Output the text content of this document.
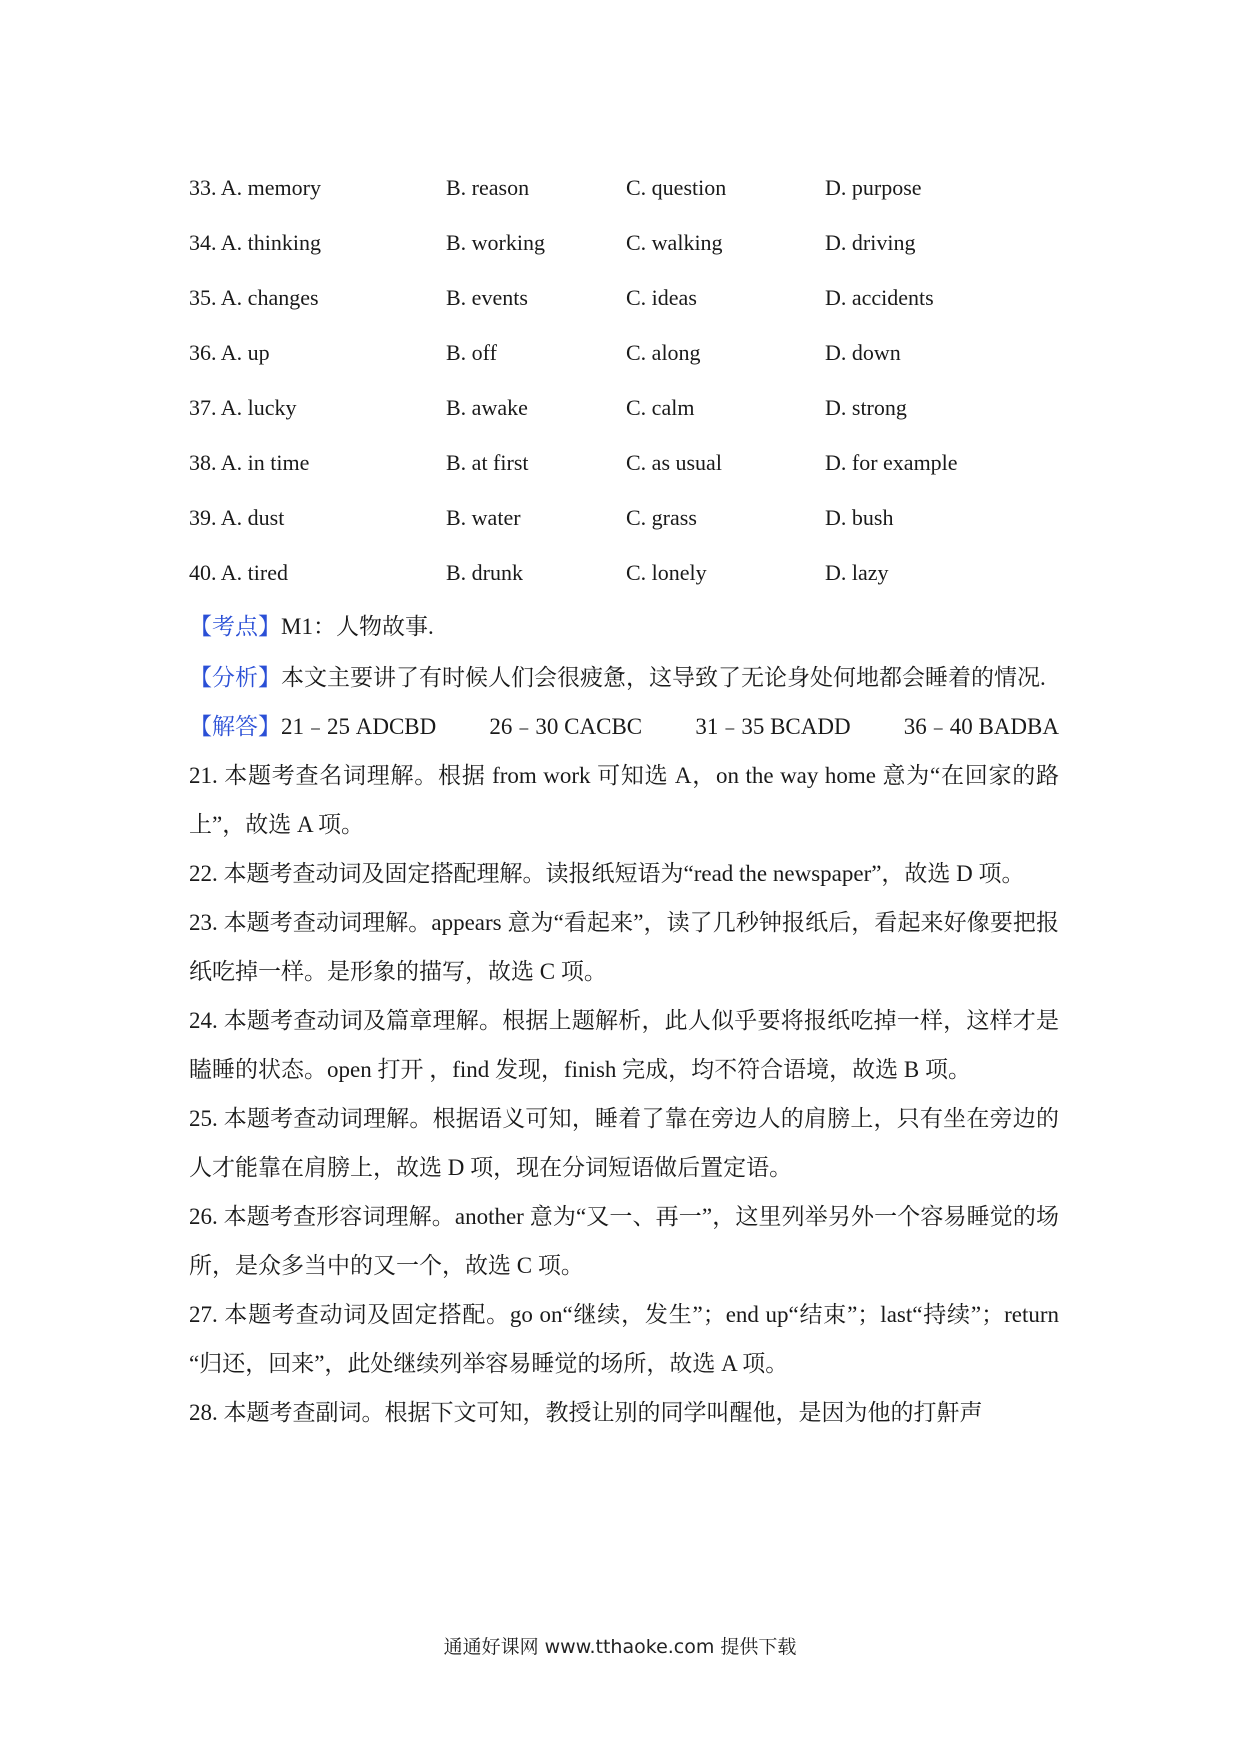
33. A. memory	B. reason	C. question	D. purpose
34. A. thinking	B. working	C. walking	D. driving
35. A. changes	B. events	C. ideas	D. accidents
36. A. up	B. off	C. along	D. down
37. A. lucky	B. awake	C. calm	D. strong
38. A. in time	B. at first	C. as usual	D. for example
39. A. dust	B. water	C. grass	D. bush
40. A. tired	B. drunk	C. lonely	D. lazy
【考点】M1：人物故事.
【分析】本文主要讲了有时候人们会很疲惫，这导致了无论身处何地都会睡着的情况.
【解答】21﹣25 ADCBD 26﹣30 CACBC 31﹣35 BCADD 36﹣40 BADBA
21. 本题考查名词理解。根据 from work 可知选 A，on the way home 意为“在回家的路上”，故选 A 项。
22. 本题考查动词及固定搭配理解。读报纸短语为“read the newspaper”，故选 D 项。
23. 本题考查动词理解。appears 意为“看起来”，读了几秒钟报纸后，看起来好像要把报纸吃掉一样。是形象的描写，故选 C 项。
24. 本题考查动词及篇章理解。根据上题解析，此人似乎要将报纸吃掉一样，这样才是瞌睡的状态。open 打开 ，find 发现，finish 完成，均不符合语境，故选 B 项。
25. 本题考查动词理解。根据语义可知，睡着了靠在旁边人的肩膀上，只有坐在旁边的人才能靠在肩膀上，故选 D 项，现在分词短语做后置定语。
26. 本题考查形容词理解。another 意为“又一、再一”，这里列举另外一个容易睡觉的场所，是众多当中的又一个，故选 C 项。
27. 本题考查动词及固定搭配。go on“继续，发生”；end up“结束”；last“持续”；return “归还，回来”，此处继续列举容易睡觉的场所，故选 A 项。
28. 本题考查副词。根据下文可知，教授让别的同学叫醒他，是因为他的打鼾声
通通好课网 www.tthaoke.com 提供下载
